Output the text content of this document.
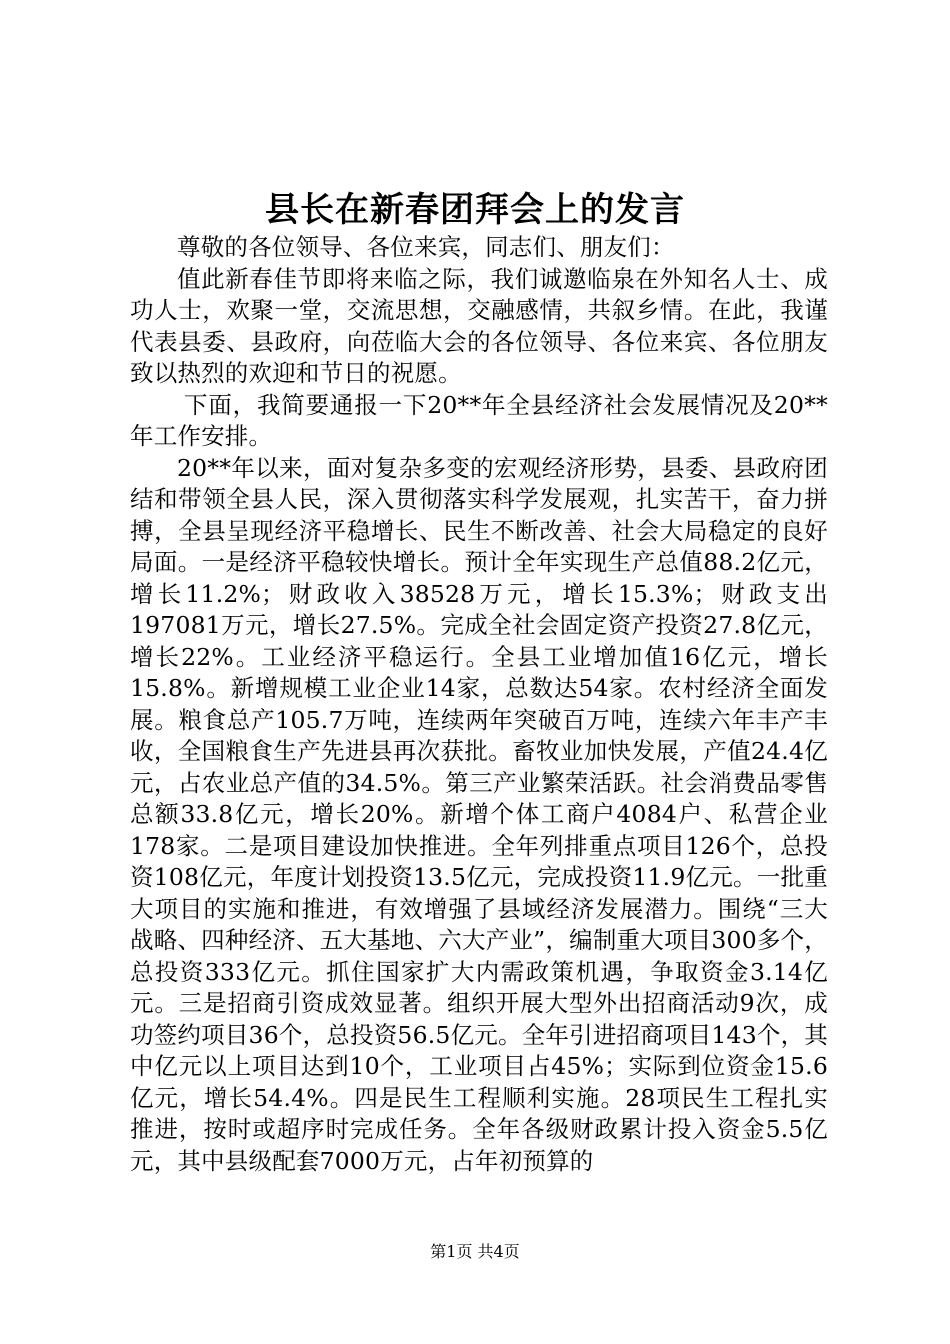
县长在新春团拜会上的发言

尊敬的各位领导、各位来宾，同志们、朋友们：

值此新春佳节即将来临之际，我们诚邀临泉在外知名人士、成功人士，欢聚一堂，交流思想，交融感情，共叙乡情。在此，我谨代表县委、县政府，向莅临大会的各位领导、各位来宾、各位朋友致以热烈的欢迎和节日的祝愿。

下面，我简要通报一下20**年全县经济社会发展情况及20**年工作安排。

20**年以来，面对复杂多变的宏观经济形势，县委、县政府团结和带领全县人民，深入贯彻落实科学发展观，扎实苦干，奋力拼搏，全县呈现经济平稳增长、民生不断改善、社会大局稳定的良好局面。一是经济平稳较快增长。预计全年实现生产总值88.2亿元，增长11.2%；财政收入38528万元，增长15.3%；财政支出197081万元，增长27.5%。完成全社会固定资产投资27.8亿元，增长22%。工业经济平稳运行。全县工业增加值16亿元，增长15.8%。新增规模工业企业14家，总数达54家。农村经济全面发展。粮食总产105.7万吨，连续两年突破百万吨，连续六年丰产丰收，全国粮食生产先进县再次获批。畜牧业加快发展，产值24.4亿元，占农业总产值的34.5%。第三产业繁荣活跃。社会消费品零售总额33.8亿元，增长20%。新增个体工商户4084户、私营企业178家。二是项目建设加快推进。全年列排重点项目126个，总投资108亿元，年度计划投资13.5亿元，完成投资11.9亿元。一批重大项目的实施和推进，有效增强了县域经济发展潜力。围绕“三大战略、四种经济、五大基地、六大产业”，编制重大项目300多个，总投资333亿元。抓住国家扩大内需政策机遇，争取资金3.14亿元。三是招商引资成效显著。组织开展大型外出招商活动9次，成功签约项目36个，总投资56.5亿元。全年引进招商项目143个，其中亿元以上项目达到10个，工业项目占45%；实际到位资金15.6亿元，增长54.4%。四是民生工程顺利实施。28项民生工程扎实推进，按时或超序时完成任务。全年各级财政累计投入资金5.5亿元，其中县级配套7000万元，占年初预算的

第1页 共4页
